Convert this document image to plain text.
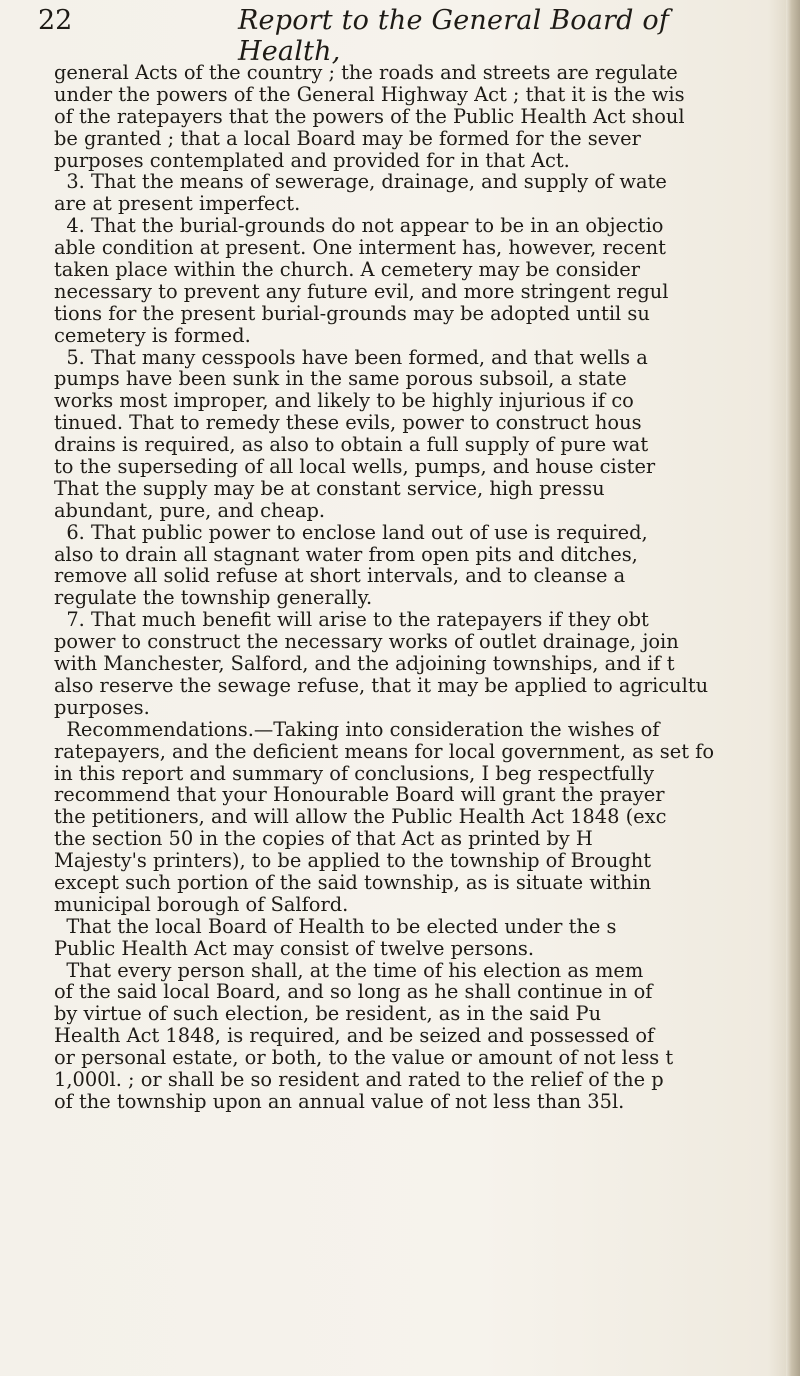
22	Report to the General Board of Health,
general Acts of the country ; the roads and streets are regulate
under the powers of the General Highway Act ; that it is the wis
of the ratepayers that the powers of the Public Health Act shoul
be granted ; that a local Board may be formed for the sever
purposes contemplated and provided for in that Act.
3. That the means of sewerage, drainage, and supply of wate
are at present imperfect.
4. That the burial-grounds do not appear to be in an objectio
able condition at present. One interment has, however, recent
taken place within the church. A cemetery may be consider
necessary to prevent any future evil, and more stringent regul
tions for the present burial-grounds may be adopted until su
cemetery is formed.
5. That many cesspools have been formed, and that wells a
pumps have been sunk in the same porous subsoil, a state
works most improper, and likely to be highly injurious if co
tinued. That to remedy these evils, power to construct hous
drains is required, as also to obtain a full supply of pure wat
to the superseding of all local wells, pumps, and house cister
That the supply may be at constant service, high pressu
abundant, pure, and cheap.
6. That public power to enclose land out of use is required,
also to drain all stagnant water from open pits and ditches,
remove all solid refuse at short intervals, and to cleanse a
regulate the township generally.
7. That much benefit will arise to the ratepayers if they obt
power to construct the necessary works of outlet drainage, join
with Manchester, Salford, and the adjoining townships, and if t
also reserve the sewage refuse, that it may be applied to agricultu
purposes.
Recommendations.—Taking into consideration the wishes of
ratepayers, and the deficient means for local government, as set fo
in this report and summary of conclusions, I beg respectfully
recommend that your Honourable Board will grant the prayer
the petitioners, and will allow the Public Health Act 1848 (exc
the section 50 in the copies of that Act as printed by H
Majesty's printers), to be applied to the township of Brought
except such portion of the said township, as is situate within
municipal borough of Salford.
That the local Board of Health to be elected under the s
Public Health Act may consist of twelve persons.
That every person shall, at the time of his election as mem
of the said local Board, and so long as he shall continue in of
by virtue of such election, be resident, as in the said Pu
Health Act 1848, is required, and be seized and possessed of
or personal estate, or both, to the value or amount of not less t
1,000l. ; or shall be so resident and rated to the relief of the p
of the township upon an annual value of not less than 35l.
